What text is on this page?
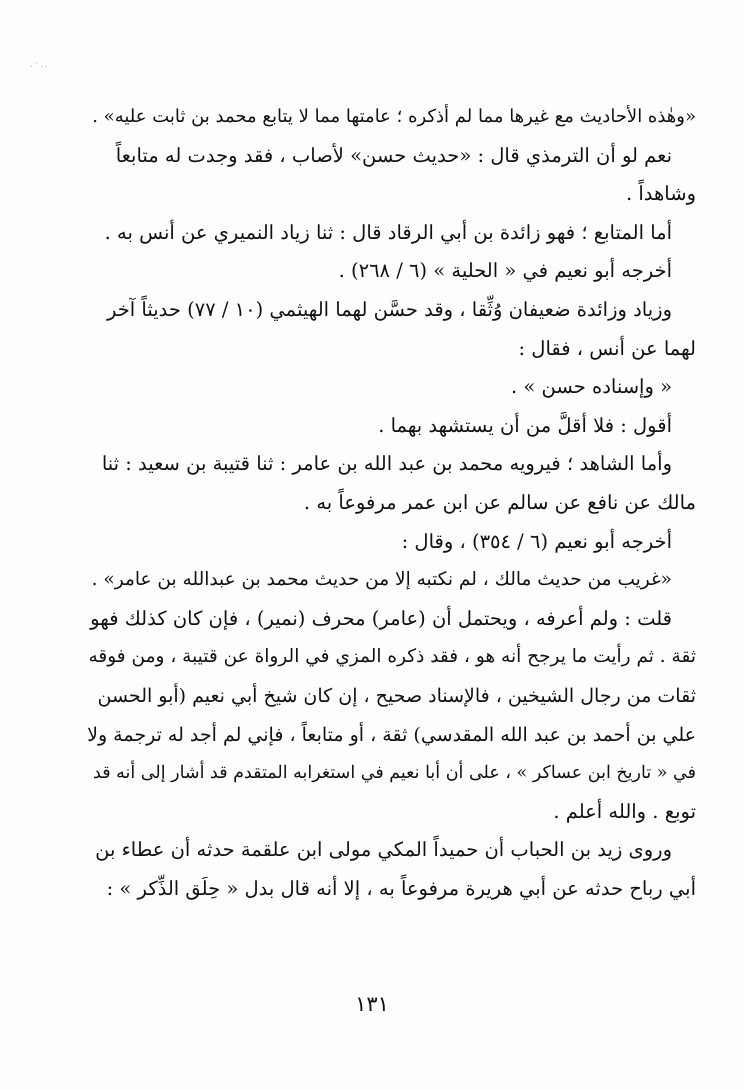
·˙··
«وهٰذه الأحاديث مع غيرها مما لم أذكره ؛ عامتها مما لا يتابع محمد بن ثابت عليه» .
نعم لو أن الترمذي قال : «حديث حسن» لأصاب ، فقد وجدت له متابعاً
وشاهداً .
أما المتابع ؛ فهو زائدة بن أبي الرقاد قال : ثنا زياد النميري عن أنس به .
أخرجه أبو نعيم في « الحلية » (٦ / ٢٦٨) .
وزياد وزائدة ضعيفان وُثِّقا ، وقد حسَّن لهما الهيثمي (١٠ / ٧٧) حديثاً آخر
لهما عن أنس ، فقال :
« وإسناده حسن » .
أقول : فلا أقلَّ من أن يستشهد بهما .
وأما الشاهد ؛ فيرويه محمد بن عبد الله بن عامر : ثنا قتيبة بن سعيد : ثنا
مالك عن نافع عن سالم عن ابن عمر مرفوعاً به .
أخرجه أبو نعيم (٦ / ٣٥٤) ، وقال :
«غريب من حديث مالك ، لم نكتبه إلا من حديث محمد بن عبدالله بن عامر» .
قلت : ولم أعرفه ، ويحتمل أن (عامر) محرف (نمير) ، فإن كان كذلك فهو
ثقة . ثم رأيت ما يرجح أنه هو ، فقد ذكره المزي في الرواة عن قتيبة ، ومن فوقه
ثقات من رجال الشيخين ، فالإسناد صحيح ، إن كان شيخ أبي نعيم (أبو الحسن
علي بن أحمد بن عبد الله المقدسي) ثقة ، أو متابعاً ، فإني لم أجد له ترجمة ولا
في « تاريخ ابن عساكر » ، على أن أبا نعيم في استغرابه المتقدم قد أشار إلى أنه قد
توبع . والله أعلم .
وروى زيد بن الحباب أن حميداً المكي مولى ابن علقمة حدثه أن عطاء بن
أبي رباح حدثه عن أبي هريرة مرفوعاً به ، إلا أنه قال بدل « حِلَق الذِّكر » :
١٣١
